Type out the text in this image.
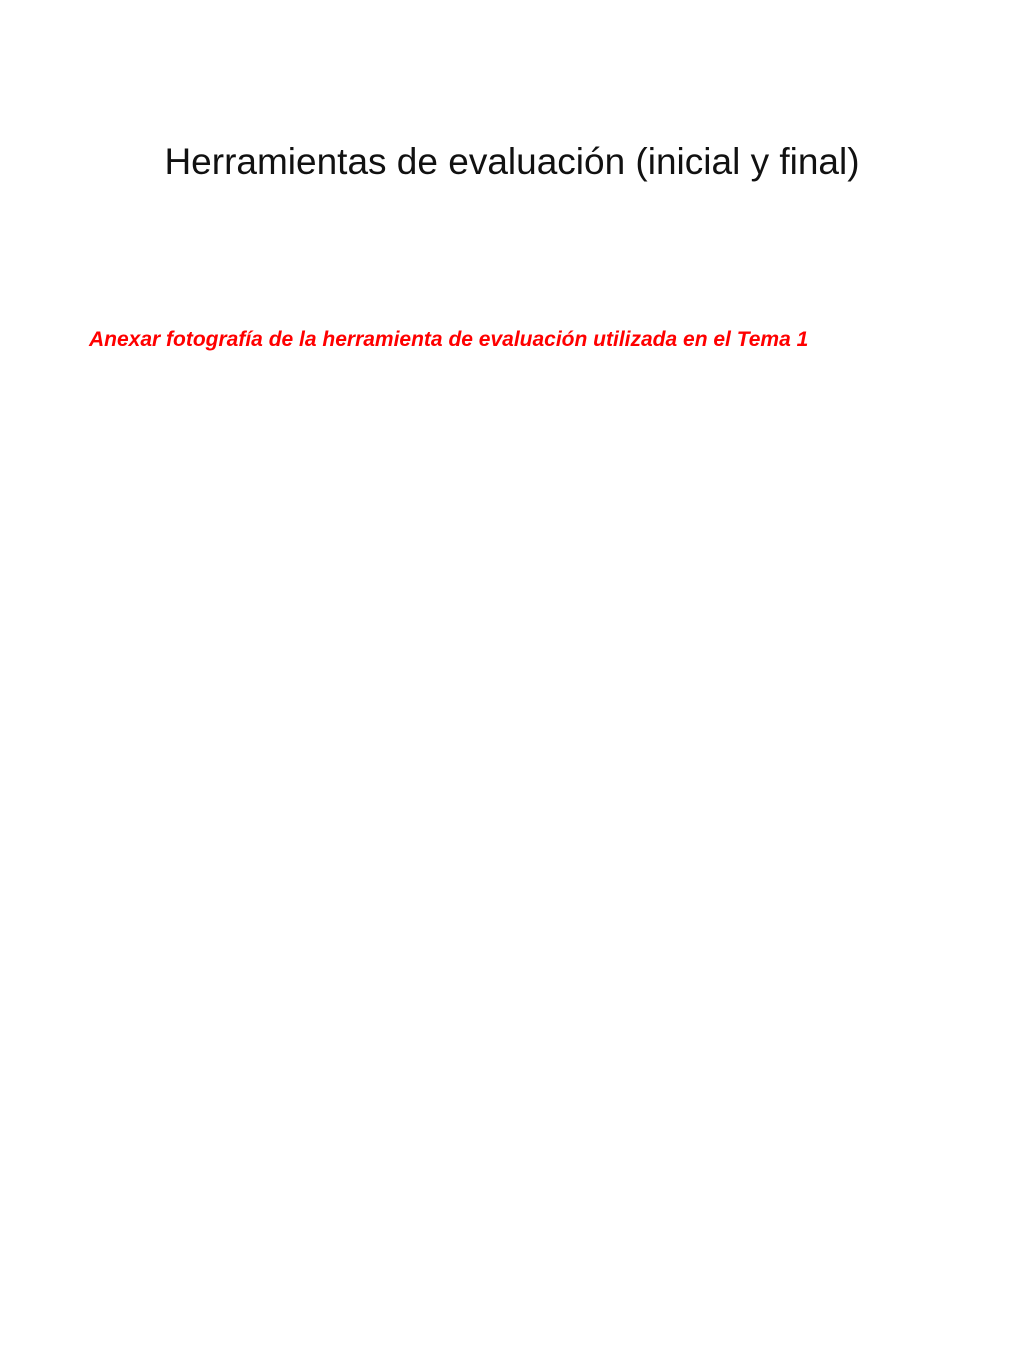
Herramientas de evaluación (inicial y final)

Anexar fotografía de la herramienta de evaluación utilizada en el Tema 1
